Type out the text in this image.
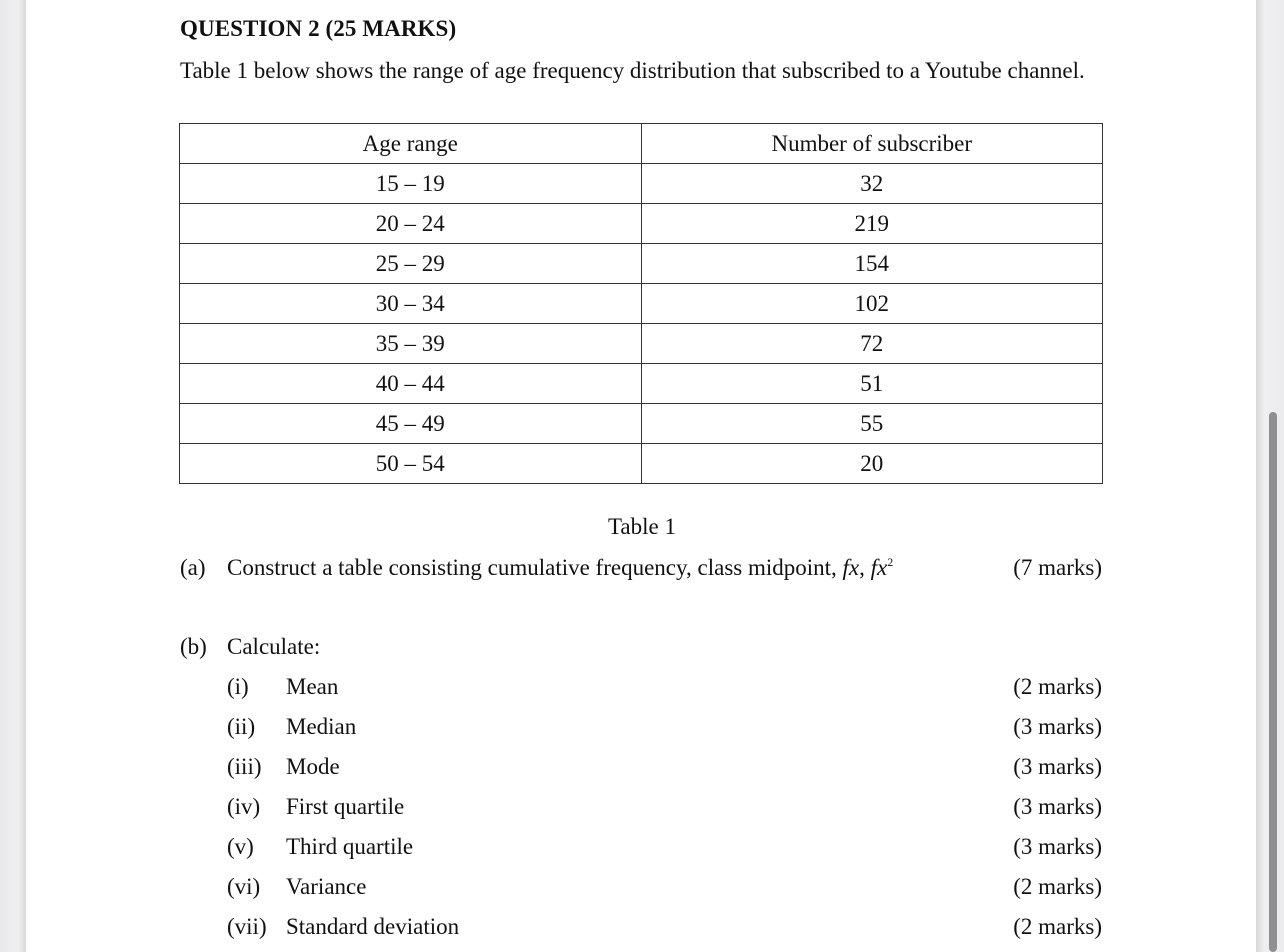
QUESTION 2 (25 MARKS)
Table 1 below shows the range of age frequency distribution that subscribed to a Youtube channel.
Age range	Number of subscriber
15 – 19	32
20 – 24	219
25 – 29	154
30 – 34	102
35 – 39	72
40 – 44	51
45 – 49	55
50 – 54	20
Table 1
(a) Construct a table consisting cumulative frequency, class midpoint, fx, $fx^2$	(7 marks)
(b) Calculate:
(i) Mean	(2 marks)
(ii) Median	(3 marks)
(iii) Mode	(3 marks)
(iv) First quartile	(3 marks)
(v) Third quartile	(3 marks)
(vi) Variance	(2 marks)
(vii) Standard deviation	(2 marks)
